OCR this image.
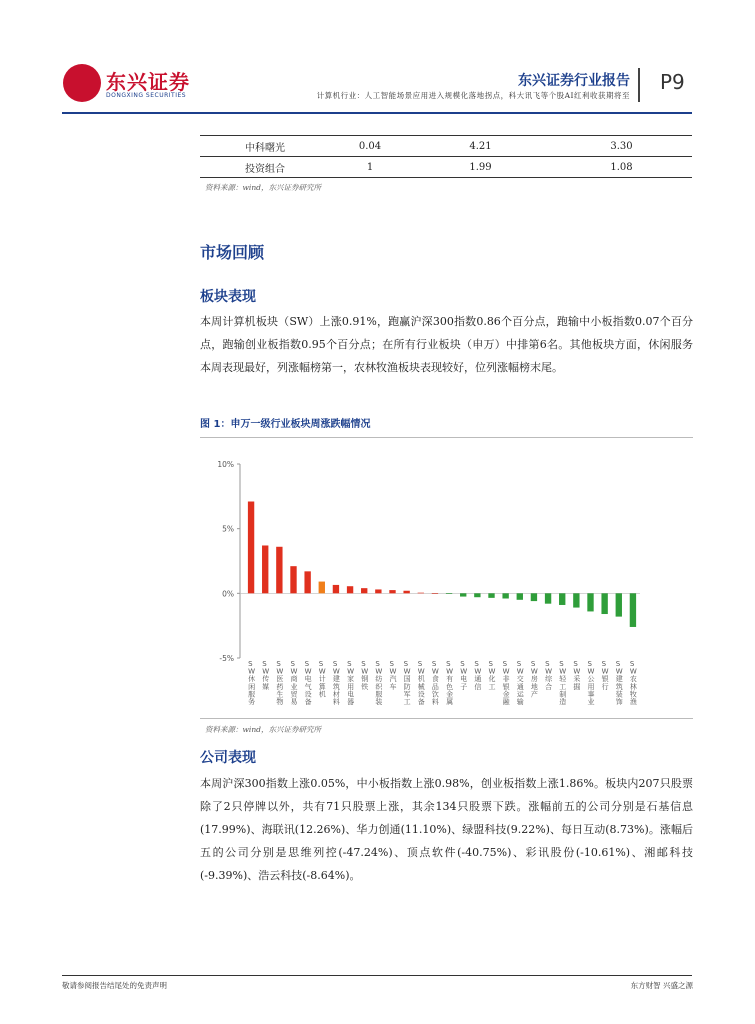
东兴证券
DONGXING SECURITIES
东兴证券行业报告
计算机行业：人工智能场景应用进入规模化落地拐点，科大讯飞等个股AI红利收获期将至
P9
中科曙光	0.04	4.21	3.30
投资组合	1	1.99	1.08
资料来源：wind，东兴证券研究所
市场回顾
板块表现
本周计算机板块（SW）上涨0.91%，跑赢沪深300指数0.86个百分点，跑输中小板指数0.07个百分点，跑输创业板指数0.95个百分点；在所有行业板块（申万）中排第6名。其他板块方面，休闲服务本周表现最好，列涨幅榜第一，农林牧渔板块表现较好，位列涨幅榜末尾。
图 1：申万一级行业板块周涨跌幅情况
10%
5%
0%
-5%
S W 休闲服务
S W 传媒
S W 医药生物
S W 商业贸易
S W 电气设备
S W 计算机
S W 建筑材料
S W 家用电器
S W 钢铁
S W 纺织服装
S W 汽车
S W 国防军工
S W 机械设备
S W 食品饮料
S W 有色金属
S W 电子
S W 通信
S W 化工
S W 非银金融
S W 交通运输
S W 房地产
S W 综合
S W 轻工制造
S W 采掘
S W 公用事业
S W 银行
S W 建筑装饰
S W 农林牧渔
资料来源：wind，东兴证券研究所
公司表现
本周沪深300指数上涨0.05%，中小板指数上涨0.98%，创业板指数上涨1.86%。板块内207只股票除了2只停牌以外，共有71只股票上涨，其余134只股票下跌。涨幅前五的公司分别是石基信息(17.99%)、海联讯(12.26%)、华力创通(11.10%)、绿盟科技(9.22%)、每日互动(8.73%)。涨幅后五的公司分别是思维列控(-47.24%)、顶点软件(-40.75%)、彩讯股份(-10.61%)、湘邮科技(-9.39%)、浩云科技(-8.64%)。
敬请参阅报告结尾处的免责声明	东方财智 兴盛之源
